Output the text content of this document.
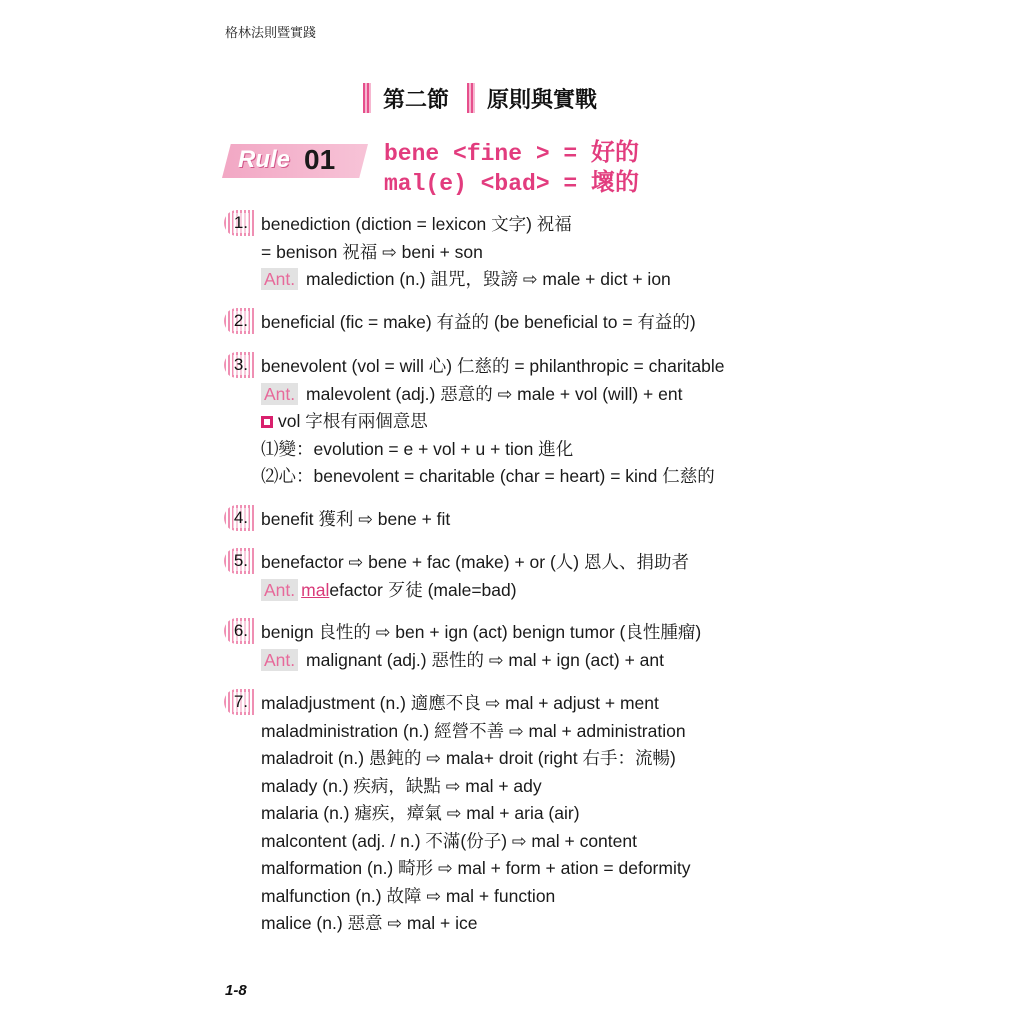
格林法則暨實踐
第二節 原則與實戰
Rule 01 bene <fine > = 好的
mal(e) <bad> = 壞的
1. benediction (diction = lexicon 文字) 祝福
= benison 祝福 ⇨ beni + son
Ant. malediction (n.) 詛咒，毀謗 ⇨ male + dict + ion
2. beneficial (fic = make) 有益的 (be beneficial to = 有益的)
3. benevolent (vol = will 心) 仁慈的 = philanthropic = charitable
Ant. malevolent (adj.) 惡意的 ⇨ male + vol (will) + ent
vol 字根有兩個意思
⑴變：evolution = e + vol + u + tion 進化
⑵心：benevolent = charitable (char = heart) = kind 仁慈的
4. benefit 獲利 ⇨ bene + fit
5. benefactor ⇨ bene + fac (make) + or (人) 恩人、捐助者
Ant. malefactor 歹徒 (male=bad)
6. benign 良性的 ⇨ ben + ign (act) benign tumor (良性腫瘤)
Ant. malignant (adj.) 惡性的 ⇨ mal + ign (act) + ant
7. maladjustment (n.) 適應不良 ⇨ mal + adjust + ment
maladministration (n.) 經營不善 ⇨ mal + administration
maladroit (n.) 愚鈍的 ⇨ mala+ droit (right 右手：流暢)
malady (n.) 疾病，缺點 ⇨ mal + ady
malaria (n.) 瘧疾，瘴氣 ⇨ mal + aria (air)
malcontent (adj. / n.) 不滿(份子) ⇨ mal + content
malformation (n.) 畸形 ⇨ mal + form + ation = deformity
malfunction (n.) 故障 ⇨ mal + function
malice (n.) 惡意 ⇨ mal + ice
1-8
